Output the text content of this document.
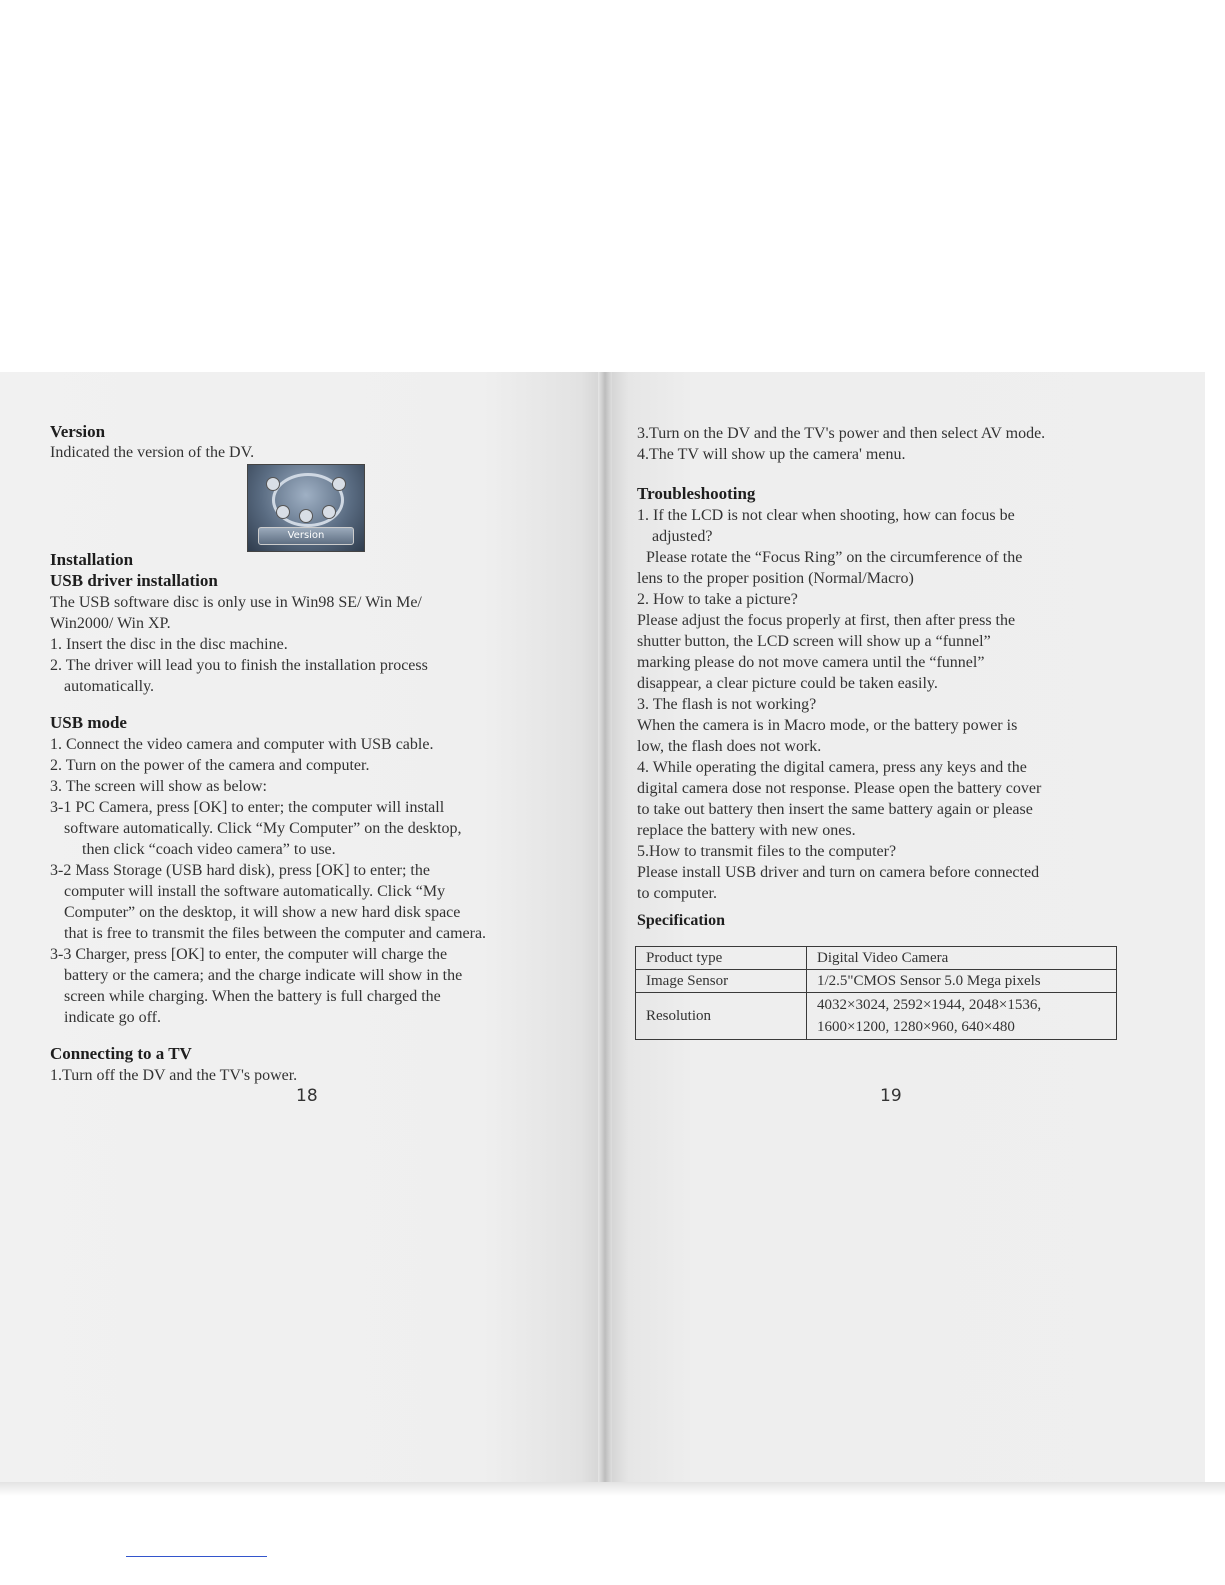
Version
Indicated the version of the DV.
Version
Installation
USB driver installation
The USB software disc is only use in Win98 SE/ Win Me/
Win2000/ Win XP.
1. Insert the disc in the disc machine.
2. The driver will lead you to finish the installation process
automatically.
USB mode
1. Connect the video camera and computer with USB cable.
2. Turn on the power of the camera and computer.
3. The screen will show as below:
3-1 PC Camera, press [OK] to enter; the computer will install
software automatically. Click “My Computer” on the desktop,
then click “coach video camera” to use.
3-2 Mass Storage (USB hard disk), press [OK] to enter; the
computer will install the software automatically. Click “My
Computer” on the desktop, it will show a new hard disk space
that is free to transmit the files between the computer and camera.
3-3 Charger, press [OK] to enter, the computer will charge the
battery or the camera; and the charge indicate will show in the
screen while charging. When the battery is full charged the
indicate go off.
Connecting to a TV
1.Turn off the DV and the TV's power.
18
3.Turn on the DV and the TV's power and then select AV mode.
4.The TV will show up the camera' menu.
Troubleshooting
1. If the LCD is not clear when shooting, how can focus be
adjusted?
Please rotate the “Focus Ring” on the circumference of the
lens to the proper position (Normal/Macro)
2. How to take a picture?
Please adjust the focus properly at first, then after press the
shutter button, the LCD screen will show up a “funnel”
marking please do not move camera until the “funnel”
disappear, a clear picture could be taken easily.
3. The flash is not working?
When the camera is in Macro mode, or the battery power is
low, the flash does not work.
4. While operating the digital camera, press any keys and the
digital camera dose not response. Please open the battery cover
to take out battery then insert the same battery again or please
replace the battery with new ones.
5.How to transmit files to the computer?
Please install USB driver and turn on camera before connected
to computer.
Specification
Product type	Digital Video Camera
Image Sensor	1/2.5"CMOS Sensor 5.0 Mega pixels
Resolution	4032×3024, 2592×1944, 2048×1536,
1600×1200, 1280×960, 640×480
19
